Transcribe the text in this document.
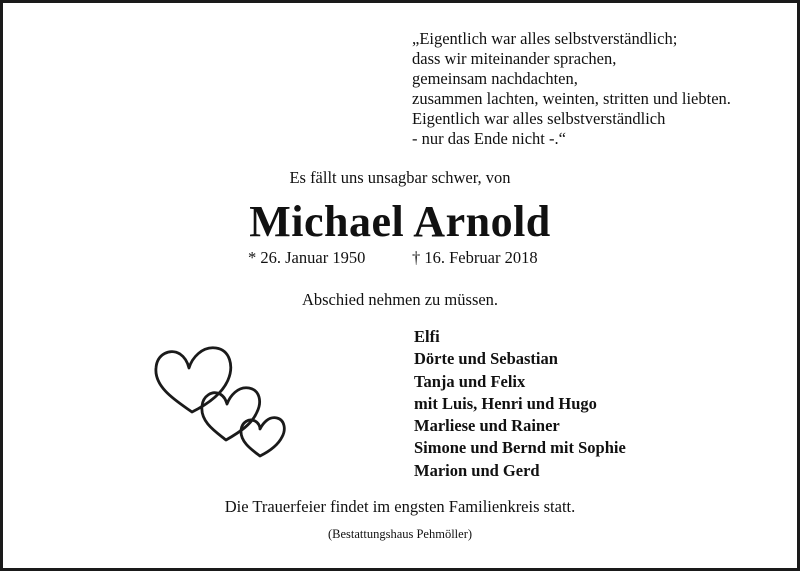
„Eigentlich war alles selbstverständlich;
dass wir miteinander sprachen,
gemeinsam nachdachten,
zusammen lachten, weinten, stritten und liebten.
Eigentlich war alles selbstverständlich
- nur das Ende nicht -.“
Es fällt uns unsagbar schwer, von
Michael Arnold
* 26. Januar 1950	† 16. Februar 2018
Abschied nehmen zu müssen.
Elfi
Dörte und Sebastian
Tanja und Felix
mit Luis, Henri und Hugo
Marliese und Rainer
Simone und Bernd mit Sophie
Marion und Gerd
Die Trauerfeier findet im engsten Familienkreis statt.
(Bestattungshaus Pehmöller)
